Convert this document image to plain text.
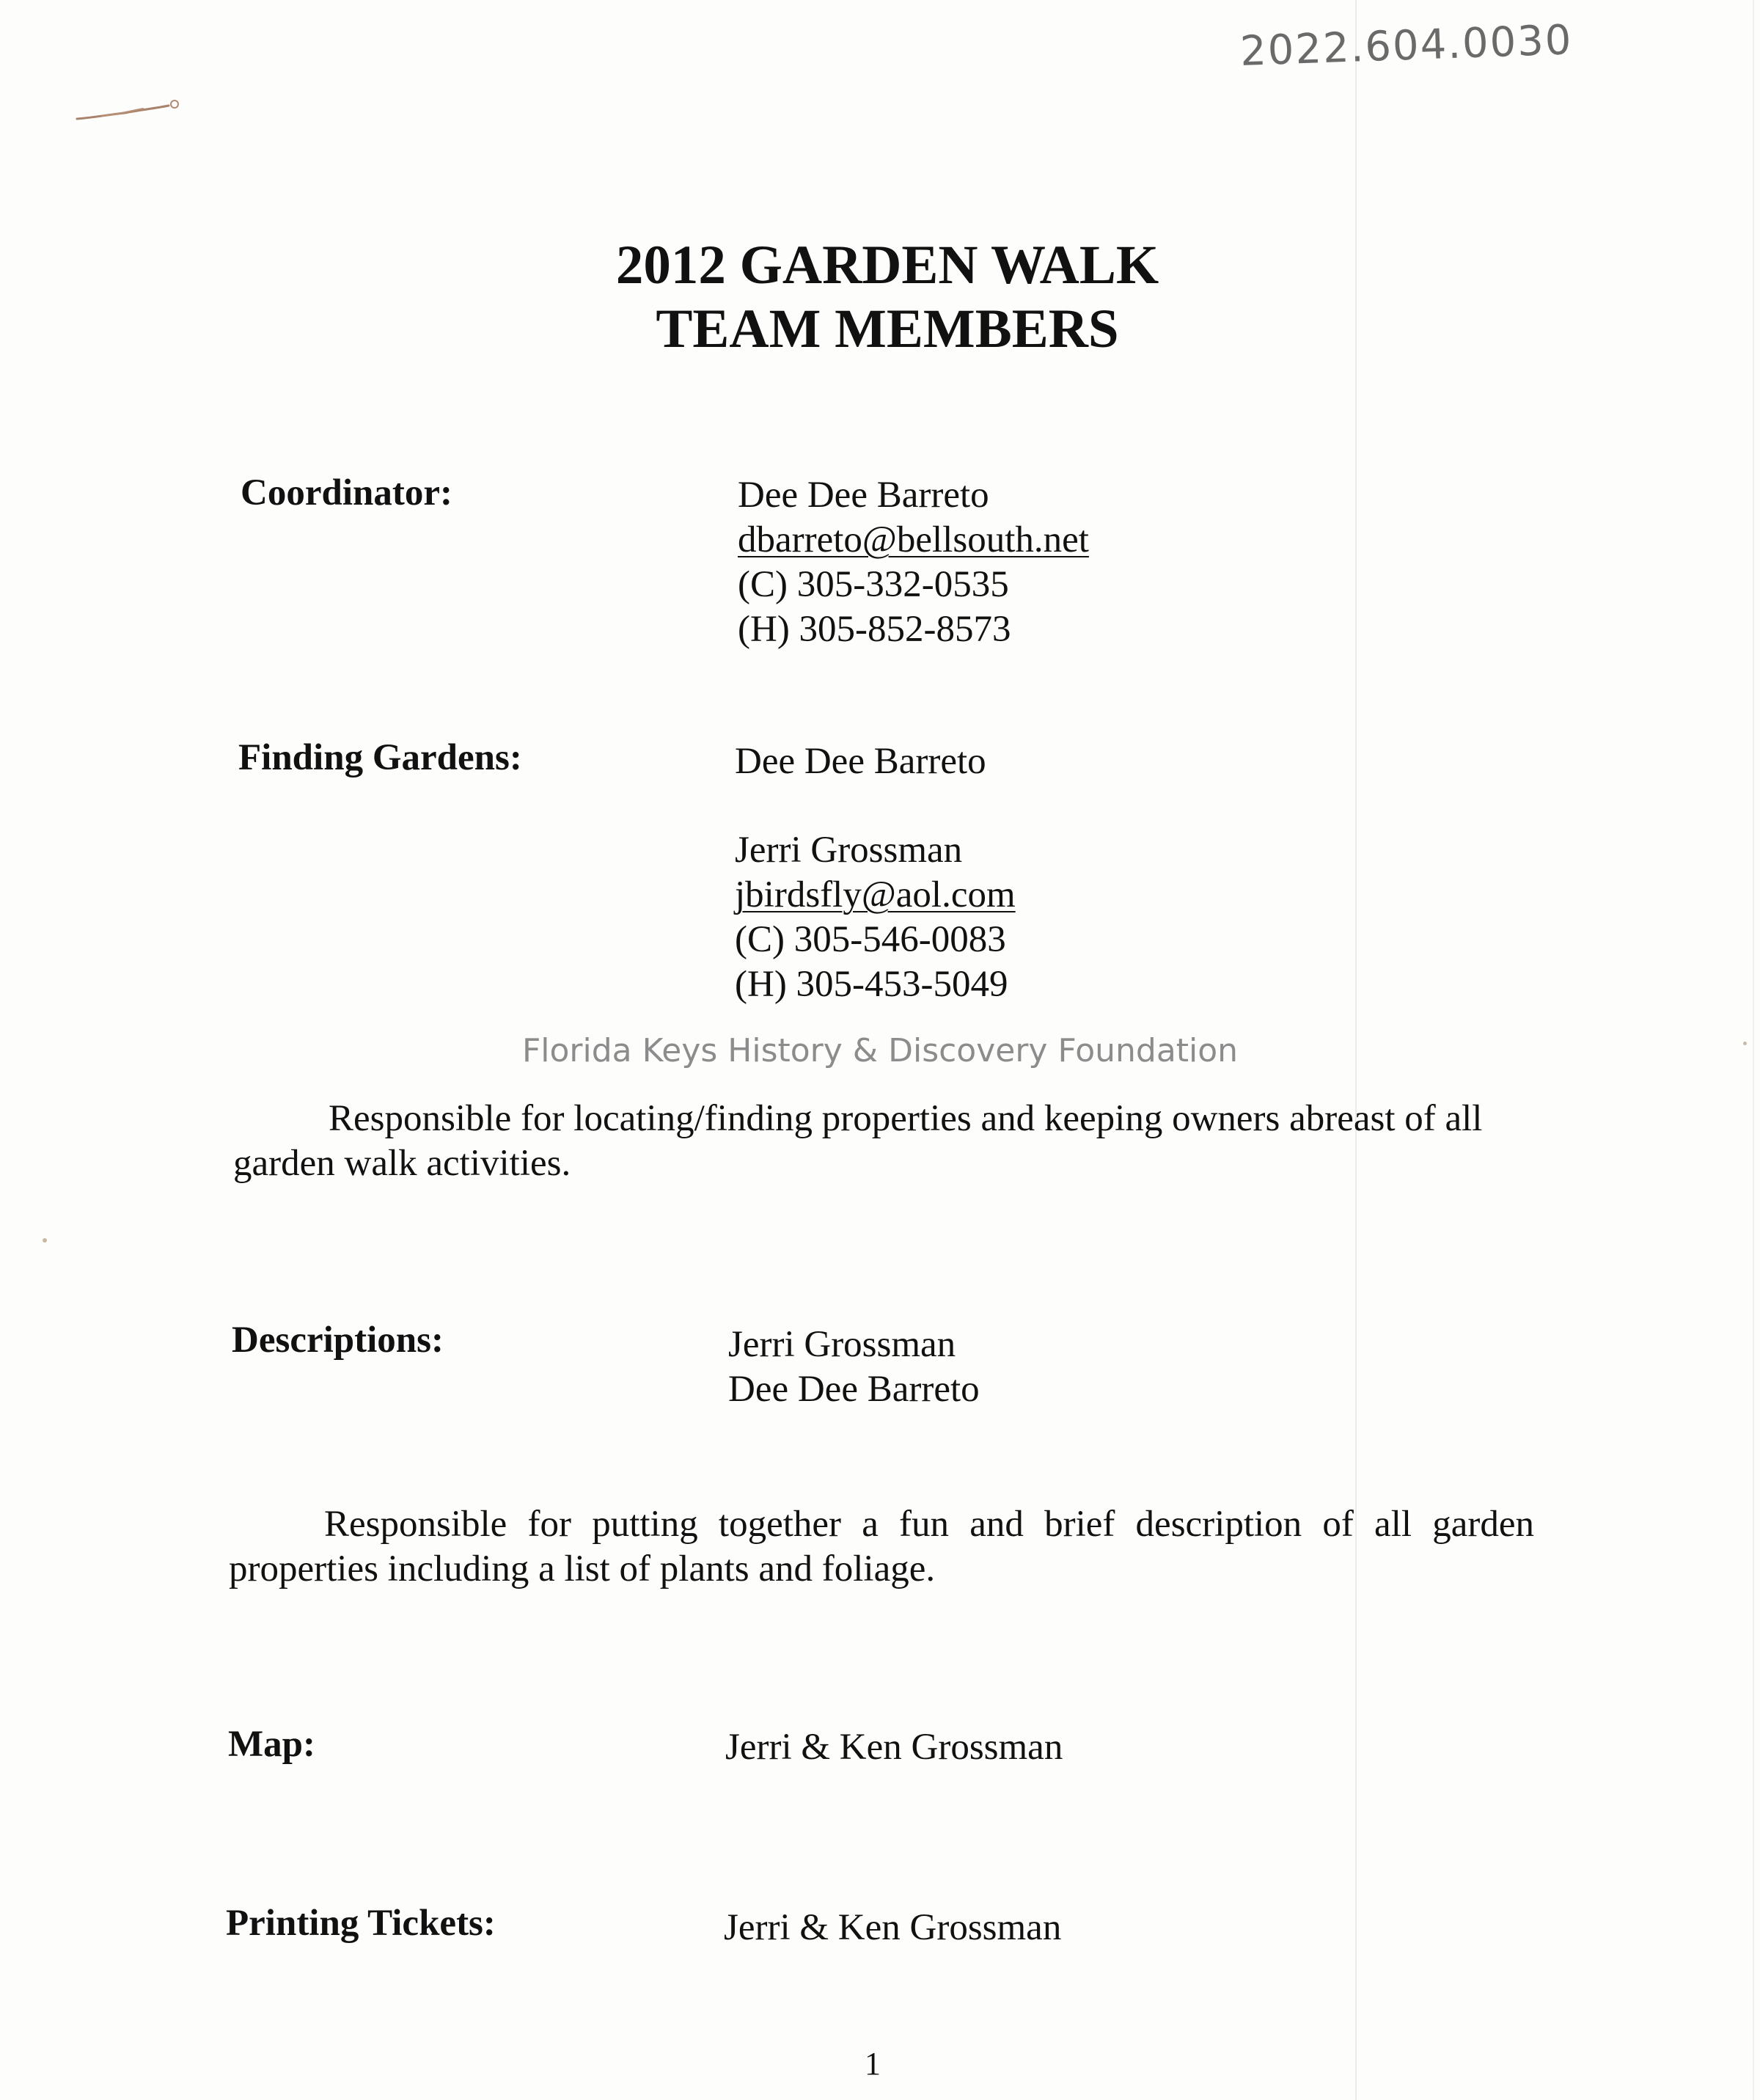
2022.604.0030
2012 GARDEN WALK
TEAM MEMBERS
Coordinator:	Dee Dee Barreto
dbarreto@bellsouth.net
(C) 305-332-0535
(H) 305-852-8573
Finding Gardens:	Dee Dee Barreto
Jerri Grossman
jbirdsfly@aol.com
(C) 305-546-0083
(H) 305-453-5049
Florida Keys History & Discovery Foundation
Responsible for locating/finding properties and keeping owners abreast of all garden walk activities.
Descriptions:	Jerri Grossman
Dee Dee Barreto
Responsible for putting together a fun and brief description of all garden properties including a list of plants and foliage.
Map:	Jerri & Ken Grossman
Printing Tickets:	Jerri & Ken Grossman
1
